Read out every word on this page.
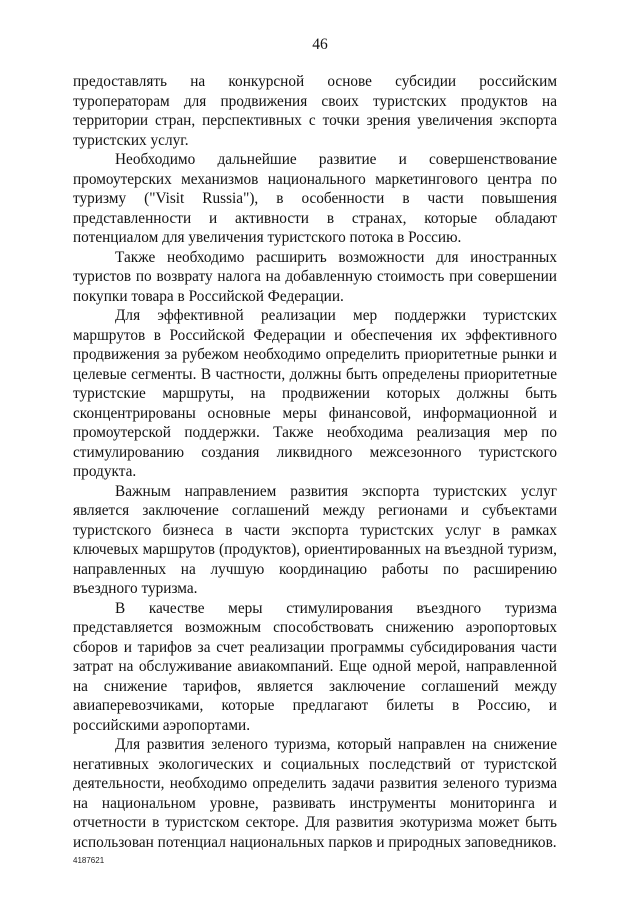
46

предоставлять на конкурсной основе субсидии российским туроператорам для продвижения своих туристских продуктов на территории стран, перспективных с точки зрения увеличения экспорта туристских услуг.

Необходимо дальнейшие развитие и совершенствование промоутерских механизмов национального маркетингового центра по туризму ("Visit Russia"), в особенности в части повышения представленности и активности в странах, которые обладают потенциалом для увеличения туристского потока в Россию.

Также необходимо расширить возможности для иностранных туристов по возврату налога на добавленную стоимость при совершении покупки товара в Российской Федерации.

Для эффективной реализации мер поддержки туристских маршрутов в Российской Федерации и обеспечения их эффективного продвижения за рубежом необходимо определить приоритетные рынки и целевые сегменты. В частности, должны быть определены приоритетные туристские маршруты, на продвижении которых должны быть сконцентрированы основные меры финансовой, информационной и промоутерской поддержки. Также необходима реализация мер по стимулированию создания ликвидного межсезонного туристского продукта.

Важным направлением развития экспорта туристских услуг является заключение соглашений между регионами и субъектами туристского бизнеса в части экспорта туристских услуг в рамках ключевых маршрутов (продуктов), ориентированных на въездной туризм, направленных на лучшую координацию работы по расширению въездного туризма.

В качестве меры стимулирования въездного туризма представляется возможным способствовать снижению аэропортовых сборов и тарифов за счет реализации программы субсидирования части затрат на обслуживание авиакомпаний. Еще одной мерой, направленной на снижение тарифов, является заключение соглашений между авиаперевозчиками, которые предлагают билеты в Россию, и российскими аэропортами.

Для развития зеленого туризма, который направлен на снижение негативных экологических и социальных последствий от туристской деятельности, необходимо определить задачи развития зеленого туризма на национальном уровне, развивать инструменты мониторинга и отчетности в туристском секторе. Для развития экотуризма может быть использован потенциал национальных парков и природных заповедников.

4187621
